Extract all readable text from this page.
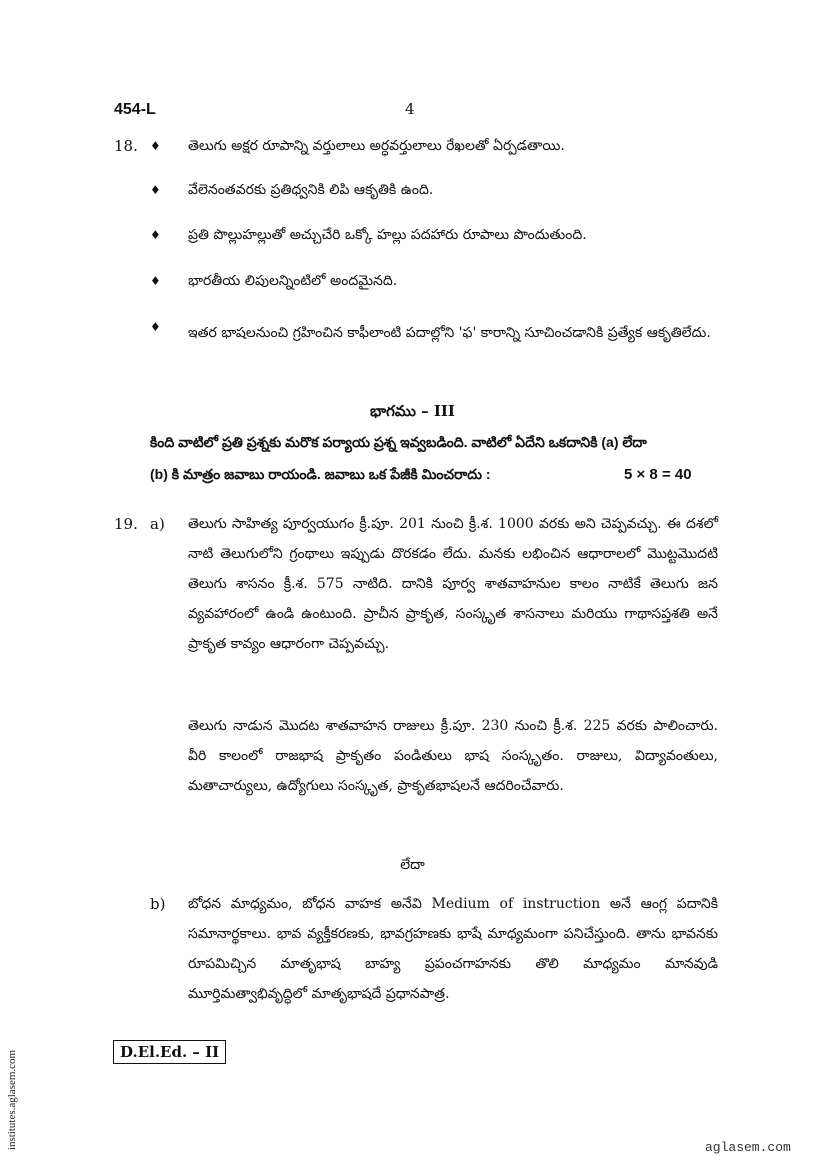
454-L	4
18. ♦ తెలుగు అక్షర రూపాన్ని వర్తులాలు అర్ధవర్తులాలు రేఖలతో ఏర్పడతాయి.
♦ వేలెనంతవరకు ప్రతిధ్వనికి లిపి ఆకృతికి ఉంది.
♦ ప్రతి పొల్లుహల్లుతో అచ్చుచేరి ఒక్కో హల్లు పదహారు రూపాలు పొందుతుంది.
♦ భారతీయ లిపులన్నింటిలో అందమైనది.
♦ ఇతర భాషలనుంచి గ్రహించిన కాఫీలాంటి పదాల్లోని 'ఫ' కారాన్ని సూచించడానికి ప్రత్యేక ఆకృతిలేదు.
భాగము – III
కింది వాటిలో ప్రతి ప్రశ్నకు మరొక పర్యాయ ప్రశ్న ఇవ్వబడింది. వాటిలో ఏదేని ఒకదానికి (a) లేదా
(b) కి మాత్రం జవాబు రాయండి. జవాబు ఒక పేజీకి మించరాదు :	5 × 8 = 40
19. a) తెలుగు సాహిత్య పూర్వయుగం క్రీ.పూ. 201 నుంచి క్రీ.శ. 1000 వరకు అని చెప్పవచ్చు. ఈ దశలో నాటి తెలుగులోని గ్రంథాలు ఇప్పుడు దొరకడం లేదు. మనకు లభించిన ఆధారాలలో మొట్టమొదటి తెలుగు శాసనం క్రీ.శ. 575 నాటిది. దానికి పూర్వ శాతవాహనుల కాలం నాటికే తెలుగు జన వ్యవహారంలో ఉండి ఉంటుంది. ప్రాచీన ప్రాకృత, సంస్కృత శాసనాలు మరియు గాథాసప్తశతి అనే ప్రాకృత కావ్యం ఆధారంగా చెప్పవచ్చు.
తెలుగు నాడున మొదట శాతవాహన రాజులు క్రీ.పూ. 230 నుంచి క్రీ.శ. 225 వరకు పాలించారు. వీరి కాలంలో రాజభాష ప్రాకృతం పండితులు భాష సంస్కృతం. రాజులు, విద్యావంతులు, మతాచార్యులు, ఉద్యోగులు సంస్కృత, ప్రాకృతభాషలనే ఆదరించేవారు.
లేదా
b) బోధన మాధ్యమం, బోధన వాహక అనేవి Medium of instruction అనే ఆంగ్ల పదానికి సమానార్థకాలు. భావ వ్యక్తీకరణకు, భావగ్రహణకు భాషే మాధ్యమంగా పనిచేస్తుంది. తాను భావనకు రూపమిచ్చిన మాతృభాష బాహ్య ప్రపంచగాహనకు తొలి మాధ్యమం మానవుడి మూర్తిమత్వాభివృద్ధిలో మాతృభాషదే ప్రధానపాత్ర.
D.El.Ed. – II
institutes.aglasem.com	aglasem.com
